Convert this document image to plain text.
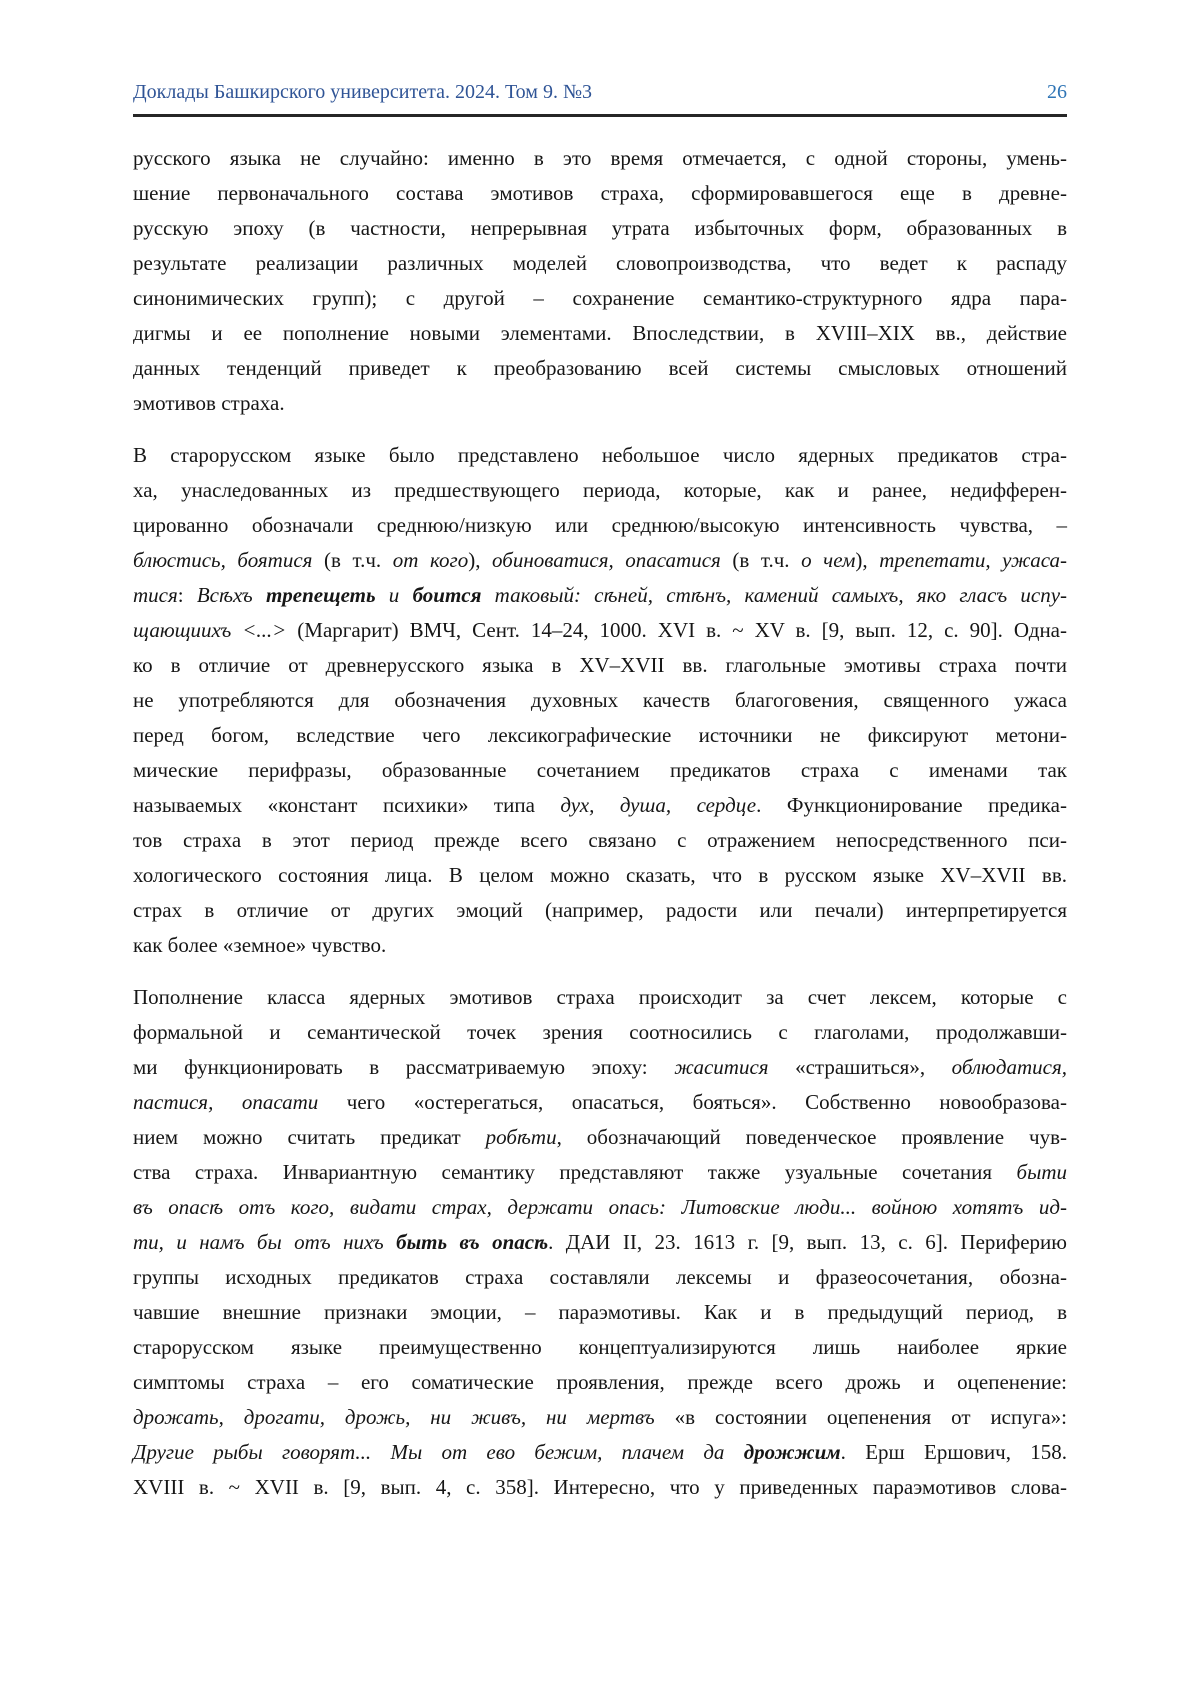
Доклады Башкирского университета. 2024. Том 9. №3	26
русского языка не случайно: именно в это время отмечается, с одной стороны, умень-
шение первоначального состава эмотивов страха, сформировавшегося еще в древне-
русскую эпоху (в частности, непрерывная утрата избыточных форм, образованных в
результате реализации различных моделей словопроизводства, что ведет к распаду
синонимических групп); с другой – сохранение семантико-структурного ядра пара-
дигмы и ее пополнение новыми элементами. Впоследствии, в XVIII–XIX вв., действие
данных тенденций приведет к преобразованию всей системы смысловых отношений
эмотивов страха.
В старорусском языке было представлено небольшое число ядерных предикатов стра-
ха, унаследованных из предшествующего периода, которые, как и ранее, недифферен-
цированно обозначали среднюю/низкую или среднюю/высокую интенсивность чувства, –
блюстись, боятися (в т.ч. от кого), обиноватися, опасатися (в т.ч. о чем), трепетати, ужаса-
тися: Всѣхъ трепещеть и боится таковый: сѣней, стѣнъ, камений самыхъ, яко гласъ испу-
щающиихъ <...> (Маргарит) ВМЧ, Сент. 14–24, 1000. XVI в. ~ XV в. [9, вып. 12, с. 90]. Одна-
ко в отличие от древнерусского языка в XV–XVII вв. глагольные эмотивы страха почти
не употребляются для обозначения духовных качеств благоговения, священного ужаса
перед богом, вследствие чего лексикографические источники не фиксируют метони-
мические перифразы, образованные сочетанием предикатов страха с именами так
называемых «констант психики» типа дух, душа, сердце. Функционирование предика-
тов страха в этот период прежде всего связано с отражением непосредственного пси-
хологического состояния лица. В целом можно сказать, что в русском языке XV–XVII вв.
страх в отличие от других эмоций (например, радости или печали) интерпретируется
как более «земное» чувство.
Пополнение класса ядерных эмотивов страха происходит за счет лексем, которые с
формальной и семантической точек зрения соотносились с глаголами, продолжавши-
ми функционировать в рассматриваемую эпоху: жаситися «страшиться», облюдатися,
пастися, опасати чего «остерегаться, опасаться, бояться». Собственно новообразова-
нием можно считать предикат робѣти, обозначающий поведенческое проявление чув-
ства страха. Инвариантную семантику представляют также узуальные сочетания быти
въ опасѣ отъ кого, видати страх, держати опась: Литовские люди... войною хотятъ ид-
ти, и намъ бы отъ нихъ быть въ опасѣ. ДАИ II, 23. 1613 г. [9, вып. 13, с. 6]. Периферию
группы исходных предикатов страха составляли лексемы и фразеосочетания, обозна-
чавшие внешние признаки эмоции, – параэмотивы. Как и в предыдущий период, в
старорусском языке преимущественно концептуализируются лишь наиболее яркие
симптомы страха – его соматические проявления, прежде всего дрожь и оцепенение:
дрожать, дрогати, дрожь, ни живъ, ни мертвъ «в состоянии оцепенения от испуга»:
Другие рыбы говорят... Мы от ево бежим, плачем да дрожжим. Ерш Ершович, 158.
XVIII в. ~ XVII в. [9, вып. 4, с. 358]. Интересно, что у приведенных параэмотивов слова-
